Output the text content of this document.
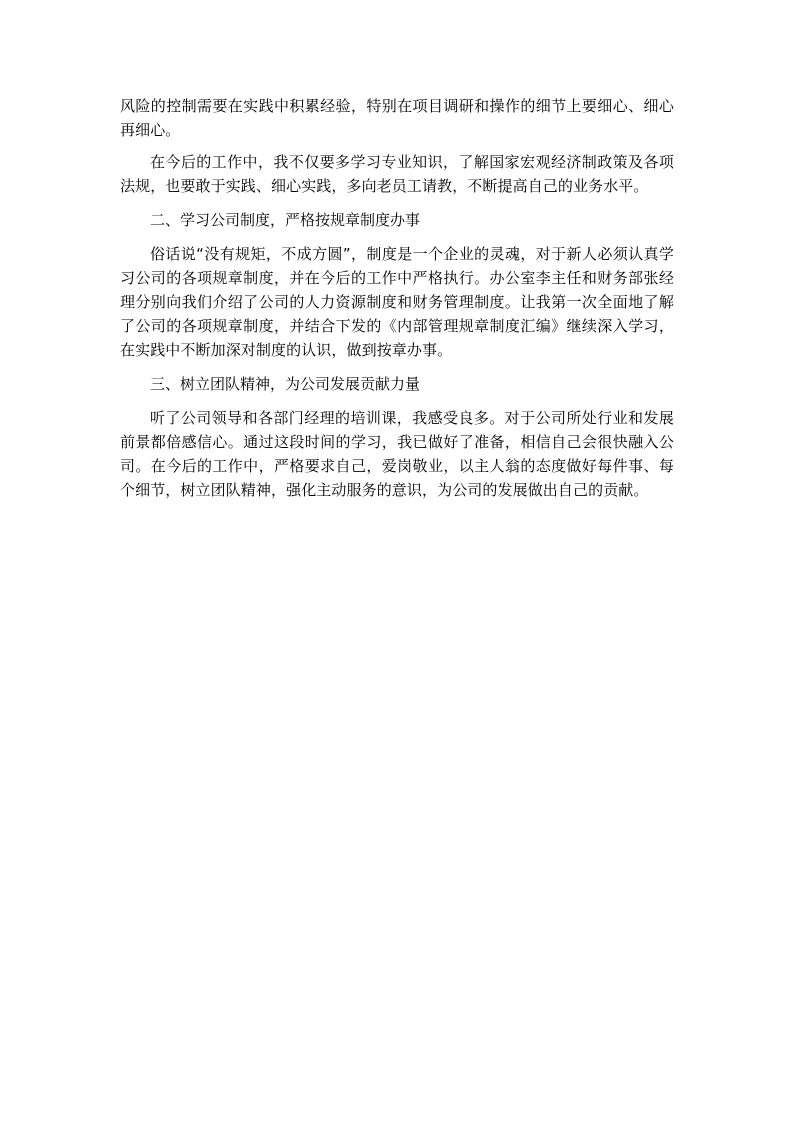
风险的控制需要在实践中积累经验，特别在项目调研和操作的细节上要细心、细心再细心。

在今后的工作中，我不仅要多学习专业知识，了解国家宏观经济制政策及各项法规，也要敢于实践、细心实践，多向老员工请教，不断提高自己的业务水平。

二、学习公司制度，严格按规章制度办事

俗话说“没有规矩，不成方圆”，制度是一个企业的灵魂，对于新人必须认真学习公司的各项规章制度，并在今后的工作中严格执行。办公室李主任和财务部张经理分别向我们介绍了公司的人力资源制度和财务管理制度。让我第一次全面地了解了公司的各项规章制度，并结合下发的《内部管理规章制度汇编》继续深入学习，在实践中不断加深对制度的认识，做到按章办事。

三、树立团队精神，为公司发展贡献力量

听了公司领导和各部门经理的培训课，我感受良多。对于公司所处行业和发展前景都倍感信心。通过这段时间的学习，我已做好了准备，相信自己会很快融入公司。在今后的工作中，严格要求自己，爱岗敬业，以主人翁的态度做好每件事、每个细节，树立团队精神，强化主动服务的意识，为公司的发展做出自己的贡献。
